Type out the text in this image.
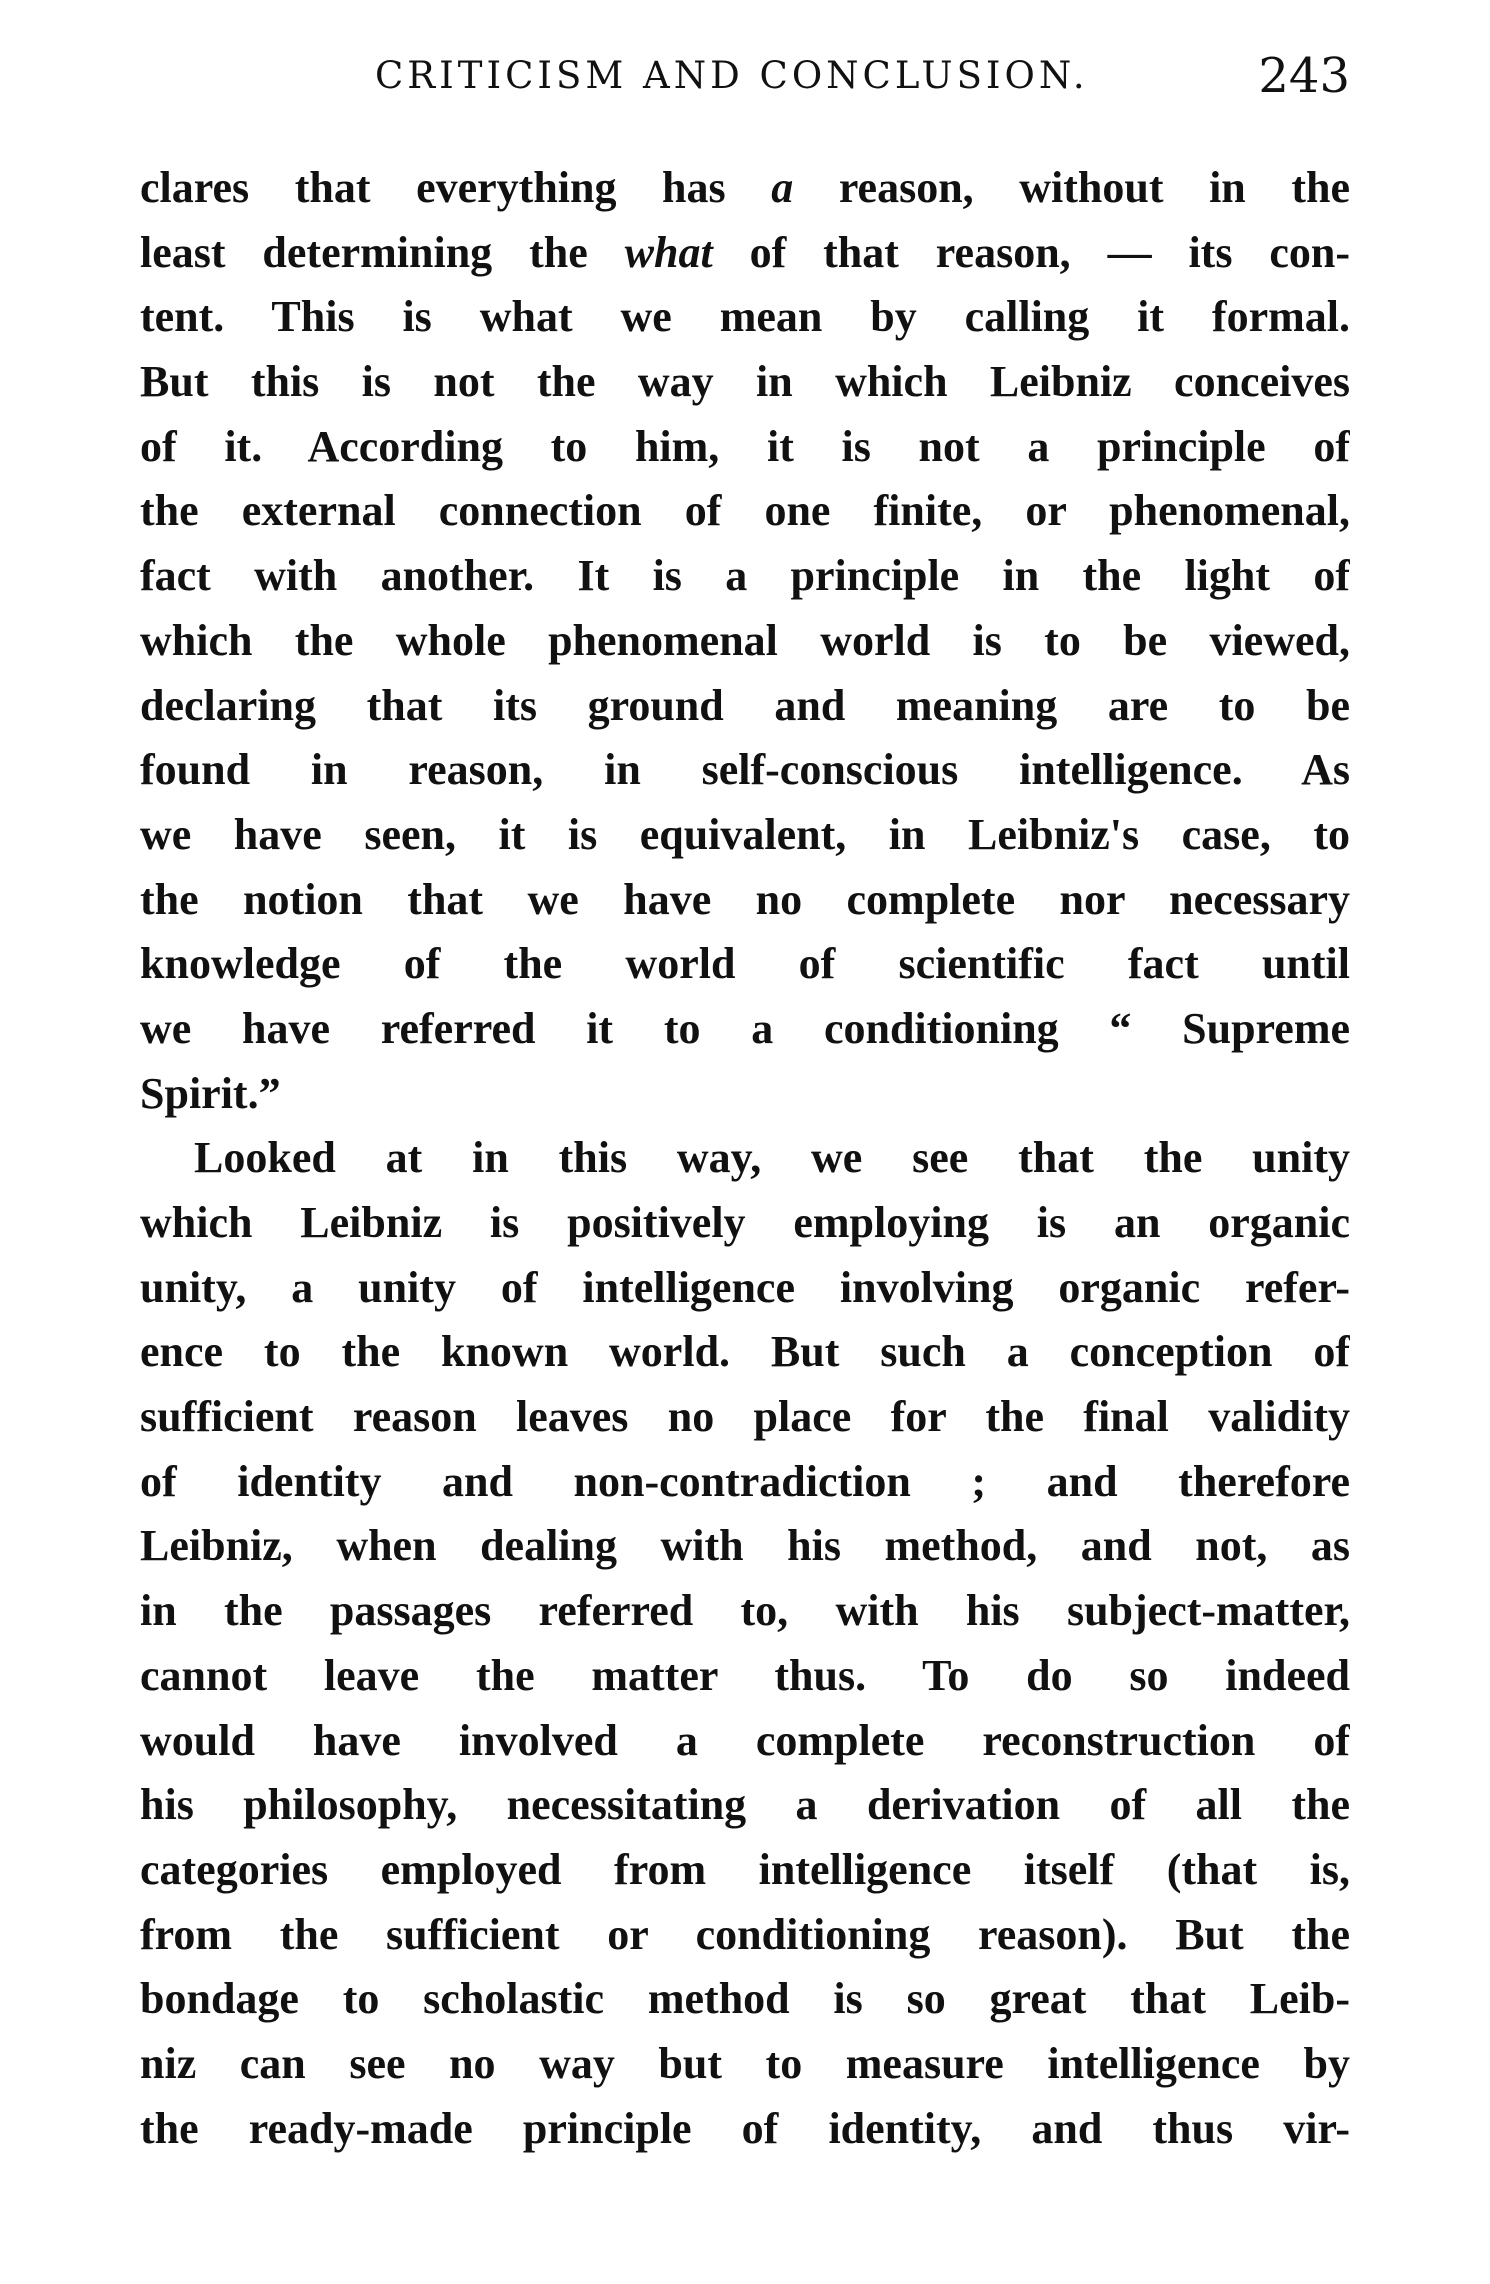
CRITICISM AND CONCLUSION.	243
clares that everything has a reason, without in the
least determining the what of that reason, — its con-
tent. This is what we mean by calling it formal.
But this is not the way in which Leibniz conceives
of it. According to him, it is not a principle of
the external connection of one finite, or phenomenal,
fact with another. It is a principle in the light of
which the whole phenomenal world is to be viewed,
declaring that its ground and meaning are to be
found in reason, in self-conscious intelligence. As
we have seen, it is equivalent, in Leibniz's case, to
the notion that we have no complete nor necessary
knowledge of the world of scientific fact until
we have referred it to a conditioning “ Supreme
Spirit.”
Looked at in this way, we see that the unity
which Leibniz is positively employing is an organic
unity, a unity of intelligence involving organic refer-
ence to the known world. But such a conception of
sufficient reason leaves no place for the final validity
of identity and non-contradiction ; and therefore
Leibniz, when dealing with his method, and not, as
in the passages referred to, with his subject-matter,
cannot leave the matter thus. To do so indeed
would have involved a complete reconstruction of
his philosophy, necessitating a derivation of all the
categories employed from intelligence itself (that is,
from the sufficient or conditioning reason). But the
bondage to scholastic method is so great that Leib-
niz can see no way but to measure intelligence by
the ready-made principle of identity, and thus vir-
